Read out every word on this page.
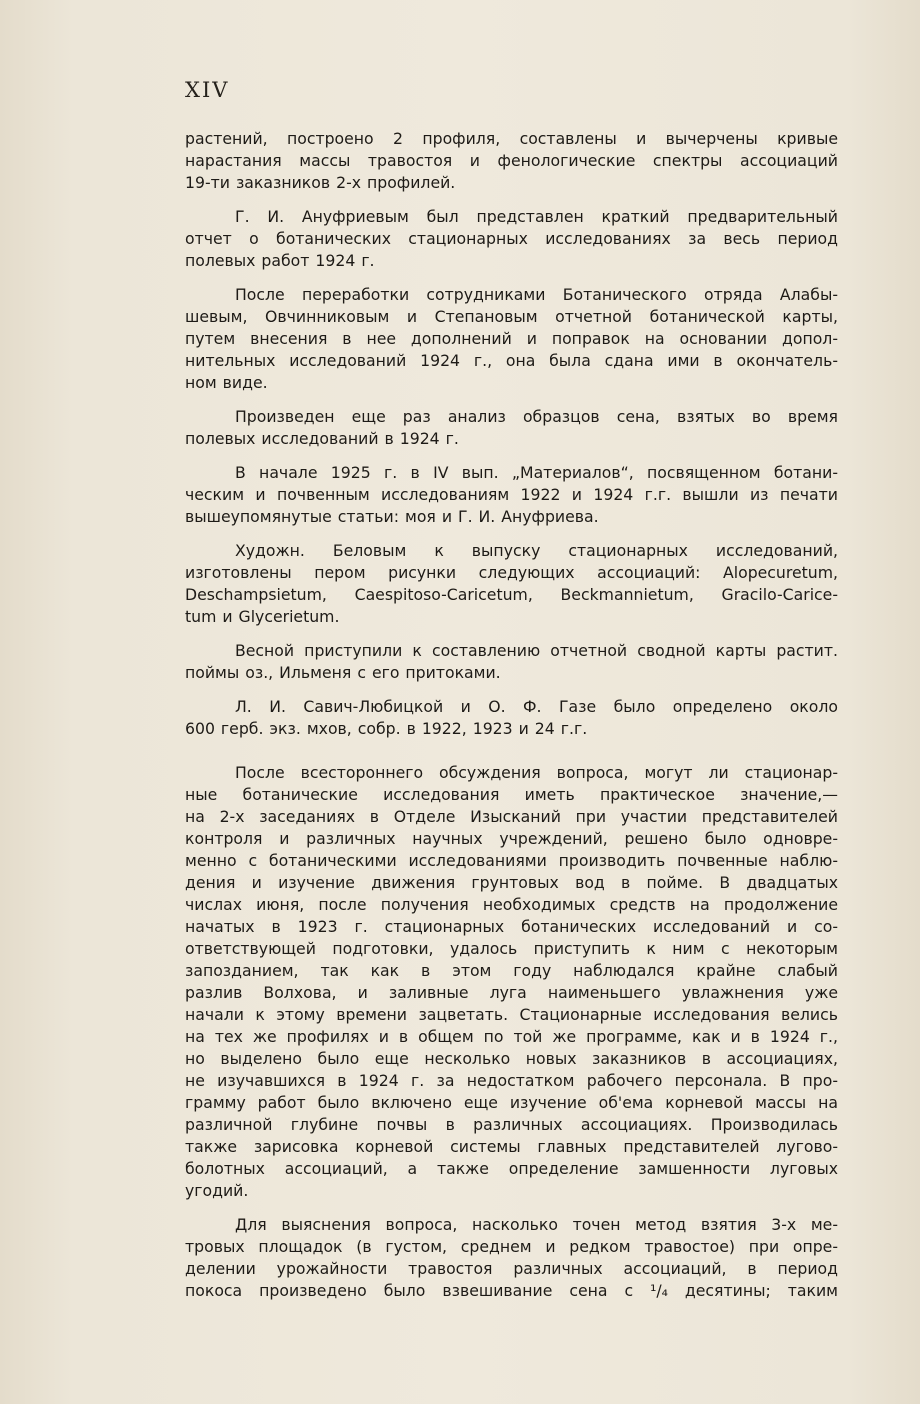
XIV
растений, построено 2 профиля, составлены и вычерчены кривые
нарастания массы травостоя и фенологические спектры ассоциаций
19-ти заказников 2-х профилей.
Г. И. Ануфриевым был представлен краткий предварительный
отчет о ботанических стационарных исследованиях за весь период
полевых работ 1924 г.
После переработки сотрудниками Ботанического отряда Алабы-
шевым, Овчинниковым и Степановым отчетной ботанической карты,
путем внесения в нее дополнений и поправок на основании допол-
нительных исследований 1924 г., она была сдана ими в окончатель-
ном виде.
Произведен еще раз анализ образцов сена, взятых во время
полевых исследований в 1924 г.
В начале 1925 г. в IV вып. „Материалов“, посвященном ботани-
ческим и почвенным исследованиям 1922 и 1924 г.г. вышли из печати
вышеупомянутые статьи: моя и Г. И. Ануфриева.
Художн. Беловым к выпуску стационарных исследований,
изготовлены пером рисунки следующих ассоциаций: Alopecuretum,
Deschampsietum, Caespitoso-Caricetum, Beckmannietum, Gracilo-Carice-
tum и Glycerietum.
Весной приступили к составлению отчетной сводной карты растит.
поймы оз., Ильменя с его притоками.
Л. И. Савич-Любицкой и О. Ф. Газе было определено около
600 герб. экз. мхов, собр. в 1922, 1923 и 24 г.г.
После всестороннего обсуждения вопроса, могут ли стационар-
ные ботанические исследования иметь практическое значение,—
на 2-х заседаниях в Отделе Изысканий при участии представителей
контроля и различных научных учреждений, решено было одновре-
менно с ботаническими исследованиями производить почвенные наблю-
дения и изучение движения грунтовых вод в пойме. В двадцатых
числах июня, после получения необходимых средств на продолжение
начатых в 1923 г. стационарных ботанических исследований и со-
ответствующей подготовки, удалось приступить к ним с некоторым
запозданием, так как в этом году наблюдался крайне слабый
разлив Волхова, и заливные луга наименьшего увлажнения уже
начали к этому времени зацветать. Стационарные исследования велись
на тех же профилях и в общем по той же программе, как и в 1924 г.,
но выделено было еще несколько новых заказников в ассоциациях,
не изучавшихся в 1924 г. за недостатком рабочего персонала. В про-
грамму работ было включено еще изучение об'ема корневой массы на
различной глубине почвы в различных ассоциациях. Производилась
также зарисовка корневой системы главных представителей лугово-
болотных ассоциаций, а также определение замшенности луговых
угодий.
Для выяснения вопроса, насколько точен метод взятия 3-х ме-
тровых площадок (в густом, среднем и редком травостое) при опре-
делении урожайности травостоя различных ассоциаций, в период
покоса произведено было взвешивание сена с ¹/₄ десятины; таким
